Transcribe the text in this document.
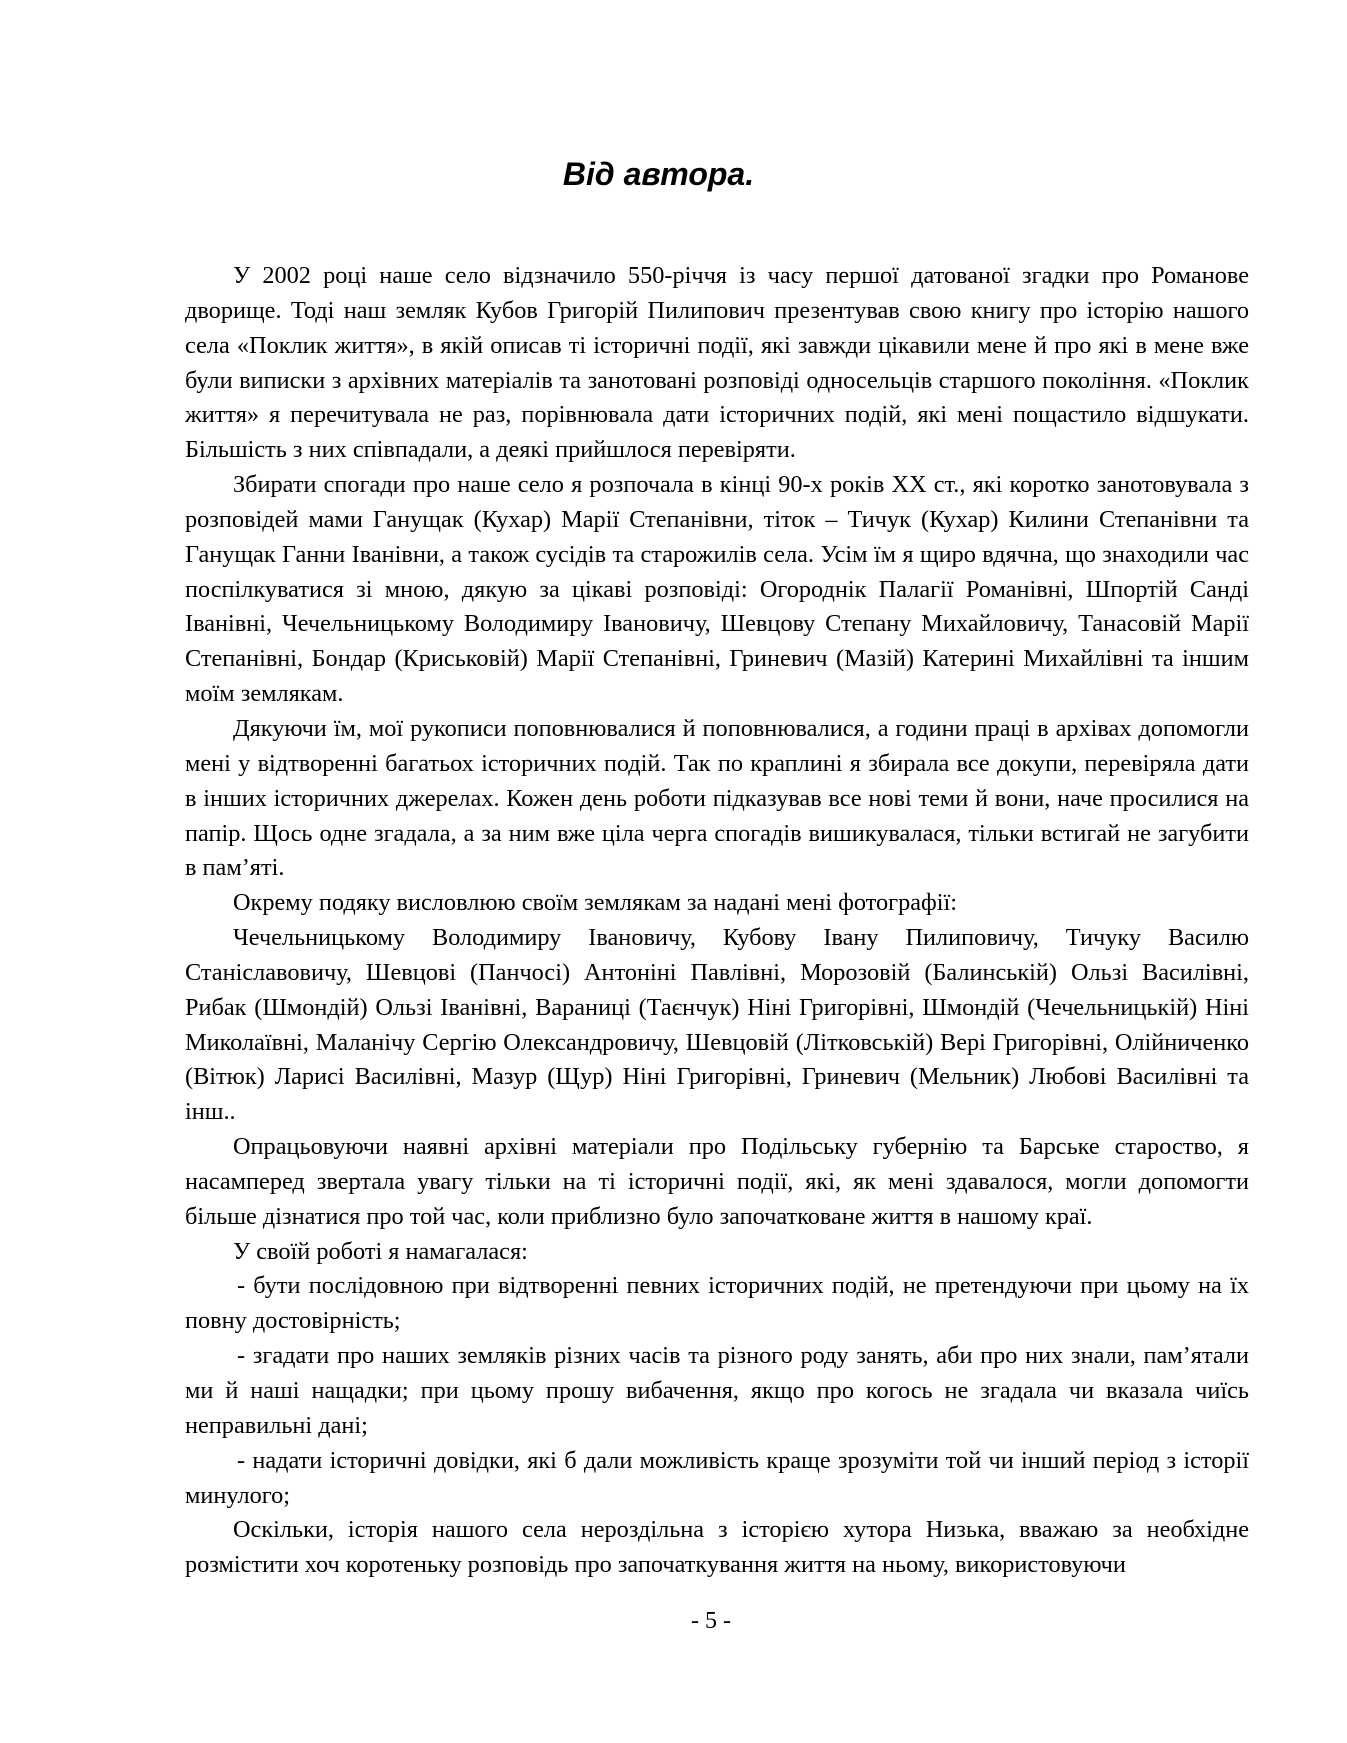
Від автора.

У 2002 році наше село відзначило 550-річчя із часу першої датованої згадки про Романове дворище. Тоді наш земляк Кубов Григорій Пилипович презентував свою книгу про історію нашого села «Поклик життя», в якій описав ті історичні події, які завжди цікавили мене й про які в мене вже були виписки з архівних матеріалів та занотовані розповіді односельців старшого покоління. «Поклик життя» я перечитувала не раз, порівнювала дати історичних подій, які мені пощастило відшукати. Більшість з них співпадали, а деякі прийшлося перевіряти.

Збирати спогади про наше село я розпочала в кінці 90-х років ХХ ст., які коротко занотовувала з розповідей мами Ганущак (Кухар) Марії Степанівни, тіток – Тичук (Кухар) Килини Степанівни та Ганущак Ганни Іванівни, а також сусідів та старожилів села. Усім їм я щиро вдячна, що знаходили час поспілкуватися зі мною, дякую за цікаві розповіді: Огороднік Палагії Романівні, Шпортій Санді Іванівні, Чечельницькому Володимиру Івановичу, Шевцову Степану Михайловичу, Танасовій Марії Степанівні, Бондар (Криськовій) Марії Степанівні, Гриневич (Мазій) Катерині Михайлівні та іншим моїм землякам.

Дякуючи їм, мої рукописи поповнювалися й поповнювалися, а години праці в архівах допомогли мені у відтворенні багатьох історичних подій. Так по краплині я збирала все докупи, перевіряла дати в інших історичних джерелах. Кожен день роботи підказував все нові теми й вони, наче просилися на папір. Щось одне згадала, а за ним вже ціла черга спогадів вишикувалася, тільки встигай не загубити в пам’яті.

Окрему подяку висловлюю своїм землякам за надані мені фотографії:

Чечельницькому Володимиру Івановичу, Кубову Івану Пилиповичу, Тичуку Василю Станіславовичу, Шевцові (Панчосі) Антоніні Павлівні, Морозовій (Балинській) Ользі Василівні, Рибак (Шмондій) Ользі Іванівні, Вараниці (Таєнчук) Ніні Григорівні, Шмондій (Чечельницькій) Ніні Миколаївні, Маланічу Сергію Олександровичу, Шевцовій (Літковській) Вері Григорівні, Олійниченко (Вітюк) Ларисі Василівні, Мазур (Щур) Ніні Григорівні, Гриневич (Мельник) Любові Василівні та інш..

Опрацьовуючи наявні архівні матеріали про Подільську губернію та Барське староство, я насамперед звертала увагу тільки на ті історичні події, які, як мені здавалося, могли допомогти більше дізнатися про той час, коли приблизно було започатковане життя в нашому краї.

У своїй роботі я намагалася:

- бути послідовною при відтворенні певних історичних подій, не претендуючи при цьому на їх повну достовірність;

- згадати про наших земляків різних часів та різного роду занять, аби про них знали, пам’ятали ми й наші нащадки; при цьому прошу вибачення, якщо про когось не згадала чи вказала чиїсь неправильні дані;

- надати історичні довідки, які б дали можливість краще зрозуміти той чи інший період з історії минулого;

Оскільки, історія нашого села нероздільна з історією хутора Низька, вважаю за необхідне розмістити хоч коротеньку розповідь про започаткування життя на ньому, використовуючи

- 5 -
